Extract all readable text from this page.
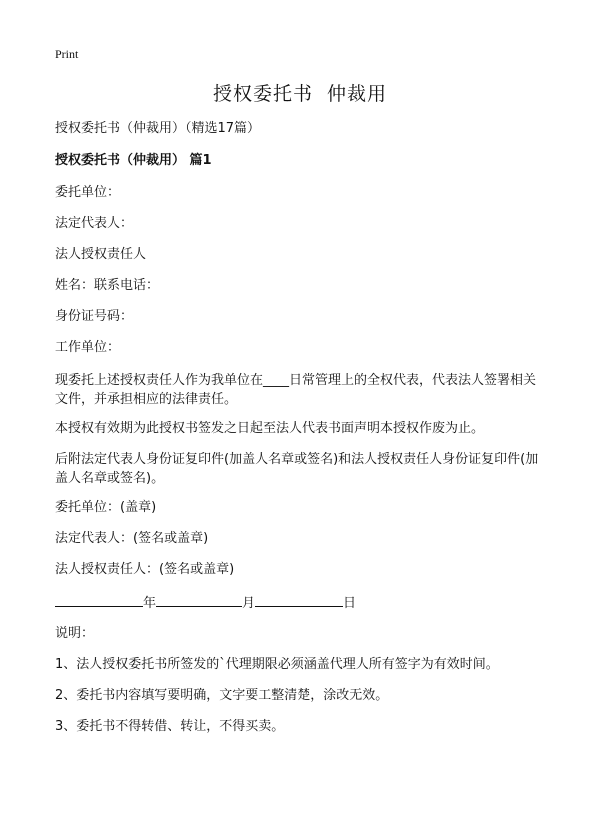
Print
授权委托书  仲裁用
授权委托书（仲裁用）（精选17篇）
授权委托书（仲裁用） 篇1
委托单位：
法定代表人：
法人授权责任人
姓名：联系电话：
身份证号码：
工作单位：
现委托上述授权责任人作为我单位在____日常管理上的全权代表，代表法人签署相关文件，并承担相应的法律责任。
本授权有效期为此授权书签发之日起至法人代表书面声明本授权作废为止。
后附法定代表人身份证复印件(加盖人名章或签名)和法人授权责任人身份证复印件(加盖人名章或签名)。
委托单位：(盖章)
法定代表人：(签名或盖章)
法人授权责任人：(签名或盖章)
年	月	日
说明：
1、法人授权委托书所签发的`代理期限必须涵盖代理人所有签字为有效时间。
2、委托书内容填写要明确，文字要工整清楚，涂改无效。
3、委托书不得转借、转让，不得买卖。
